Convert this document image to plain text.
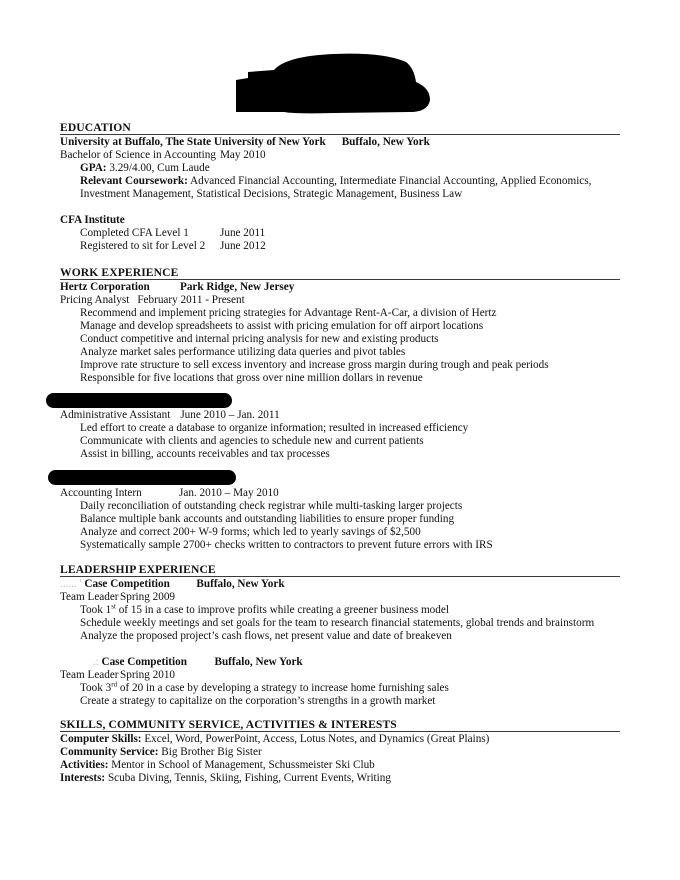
EDUCATION
University at Buffalo, The State University of New York Buffalo, New York
Bachelor of Science in Accounting May 2010
GPA: 3.29/4.00, Cum Laude
Relevant Coursework: Advanced Financial Accounting, Intermediate Financial Accounting, Applied Economics,
Investment Management, Statistical Decisions, Strategic Management, Business Law
CFA Institute
Completed CFA Level 1	June 2011
Registered to sit for Level 2 June 2012
WORK EXPERIENCE
Hertz Corporation	Park Ridge, New Jersey
Pricing Analyst February 2011 - Present
Recommend and implement pricing strategies for Advantage Rent-A-Car, a division of Hertz
Manage and develop spreadsheets to assist with pricing emulation for off airport locations
Conduct competitive and internal pricing analysis for new and existing products
Analyze market sales performance utilizing data queries and pivot tables
Improve rate structure to sell excess inventory and increase gross margin during trough and peak periods
Responsible for five locations that gross over nine million dollars in revenue
Administrative Assistant June 2010 – Jan. 2011
Led effort to create a database to organize information; resulted in increased efficiency
Communicate with clients and agencies to schedule new and current patients
Assist in billing, accounts receivables and tax processes
Accounting Intern	Jan. 2010 – May 2010
Daily reconciliation of outstanding check registrar while multi-tasking larger projects
Balance multiple bank accounts and outstanding liabilities to ensure proper funding
Analyze and correct 200+ W-9 forms; which led to yearly savings of $2,500
Systematically sample 2700+ checks written to contractors to prevent future errors with IRS
LEADERSHIP EXPERIENCE
...... ' Case Competition Buffalo, New York
Team LeaderSpring 2009
Took 1st of 15 in a case to improve profits while creating a greener business model
Schedule weekly meetings and set goals for the team to research financial statements, global trends and brainstorm
Analyze the proposed project’s cash flows, net present value and date of breakeven
.: Case Competition Buffalo, New York
Team LeaderSpring 2010
Took 3rd of 20 in a case by developing a strategy to increase home furnishing sales
Create a strategy to capitalize on the corporation’s strengths in a growth market
SKILLS, COMMUNITY SERVICE, ACTIVITIES & INTERESTS
Computer Skills: Excel, Word, PowerPoint, Access, Lotus Notes, and Dynamics (Great Plains)
Community Service: Big Brother Big Sister
Activities: Mentor in School of Management, Schussmeister Ski Club
Interests: Scuba Diving, Tennis, Skiing, Fishing, Current Events, Writing
